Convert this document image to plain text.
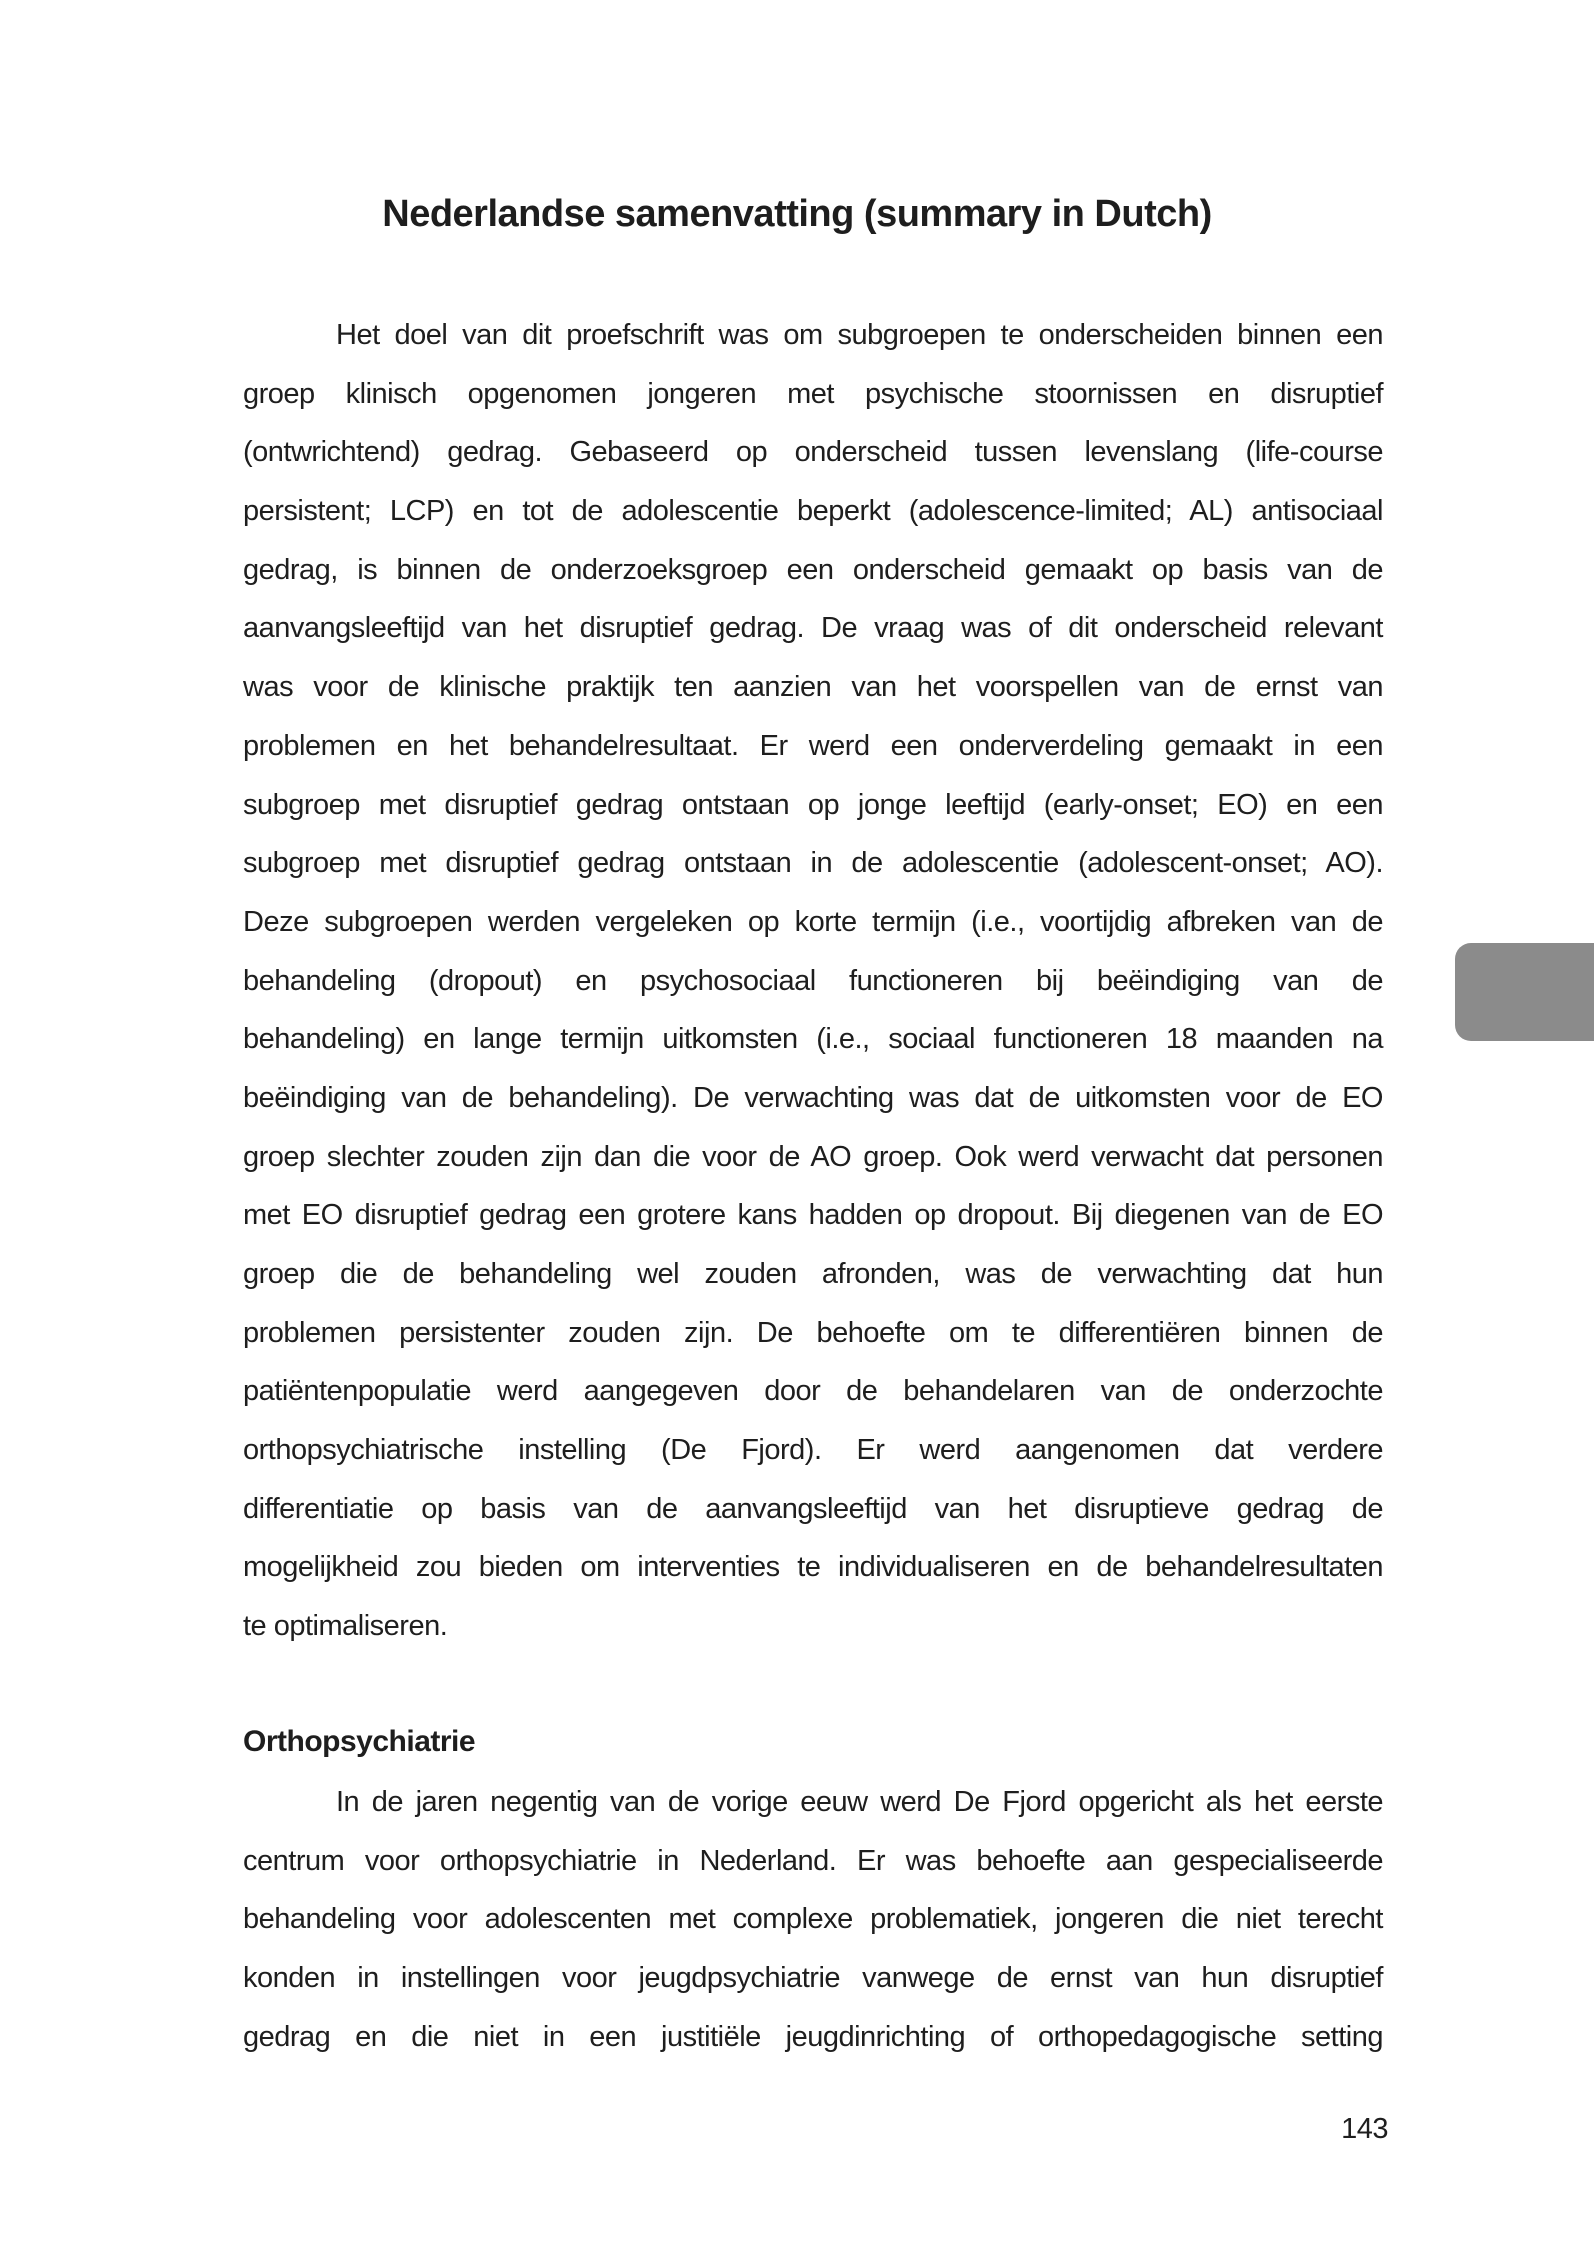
Nederlandse samenvatting (summary in Dutch)
Het doel van dit proefschrift was om subgroepen te onderscheiden binnen een
groep klinisch opgenomen jongeren met psychische stoornissen en disruptief
(ontwrichtend) gedrag. Gebaseerd op onderscheid tussen levenslang (life-course
persistent; LCP) en tot de adolescentie beperkt (adolescence-limited; AL) antisociaal
gedrag, is binnen de onderzoeksgroep een onderscheid gemaakt op basis van de
aanvangsleeftijd van het disruptief gedrag. De vraag was of dit onderscheid relevant
was voor de klinische praktijk ten aanzien van het voorspellen van de ernst van
problemen en het behandelresultaat. Er werd een onderverdeling gemaakt in een
subgroep met disruptief gedrag ontstaan op jonge leeftijd (early-onset; EO) en een
subgroep met disruptief gedrag ontstaan in de adolescentie (adolescent-onset; AO).
Deze subgroepen werden vergeleken op korte termijn (i.e., voortijdig afbreken van de
behandeling (dropout) en psychosociaal functioneren bij beëindiging van de
behandeling) en lange termijn uitkomsten (i.e., sociaal functioneren 18 maanden na
beëindiging van de behandeling). De verwachting was dat de uitkomsten voor de EO
groep slechter zouden zijn dan die voor de AO groep. Ook werd verwacht dat personen
met EO disruptief gedrag een grotere kans hadden op dropout. Bij diegenen van de EO
groep die de behandeling wel zouden afronden, was de verwachting dat hun
problemen persistenter zouden zijn. De behoefte om te differentiëren binnen de
patiëntenpopulatie werd aangegeven door de behandelaren van de onderzochte
orthopsychiatrische instelling (De Fjord). Er werd aangenomen dat verdere
differentiatie op basis van de aanvangsleeftijd van het disruptieve gedrag de
mogelijkheid zou bieden om interventies te individualiseren en de behandelresultaten
te optimaliseren.
Orthopsychiatrie
In de jaren negentig van de vorige eeuw werd De Fjord opgericht als het eerste
centrum voor orthopsychiatrie in Nederland. Er was behoefte aan gespecialiseerde
behandeling voor adolescenten met complexe problematiek, jongeren die niet terecht
konden in instellingen voor jeugdpsychiatrie vanwege de ernst van hun disruptief
gedrag en die niet in een justitiële jeugdinrichting of orthopedagogische setting
143
